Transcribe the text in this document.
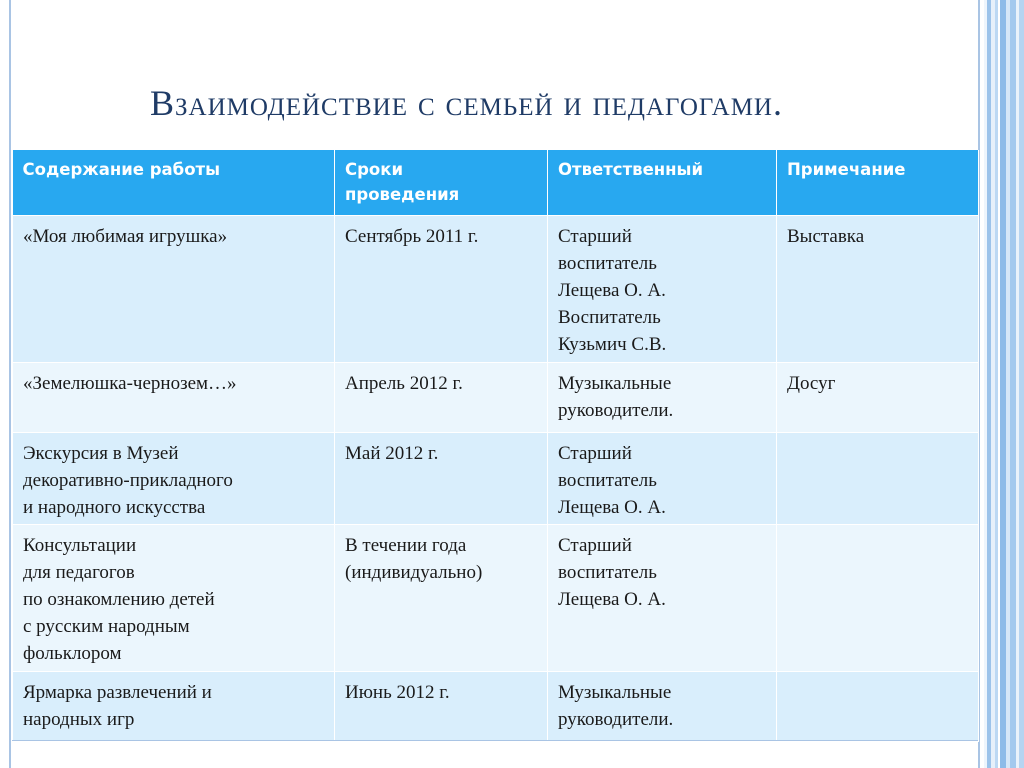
Взаимодействие с семьей и педагогами.
Содержание работы	Сроки
проведения	Ответственный	Примечание

«Моя любимая игрушка»	Сентябрь 2011 г.	Старший
воспитатель
Лещева О. А.
Воспитатель
Кузьмич С.В.	Выставка

«Земелюшка-чернозем…»	Апрель 2012 г.	Музыкальные
руководители.	Досуг

Экскурсия в Музей
декоративно-прикладного
и народного искусства	Май 2012 г.	Старший
воспитатель
Лещева О. А.	

Консультации
для педагогов
по ознакомлению детей
с русским народным
фольклором	В течении года
(индивидуально)	Старший
воспитатель
Лещева О. А.	

Ярмарка развлечений и
народных игр	Июнь 2012 г.	Музыкальные
руководители.	
